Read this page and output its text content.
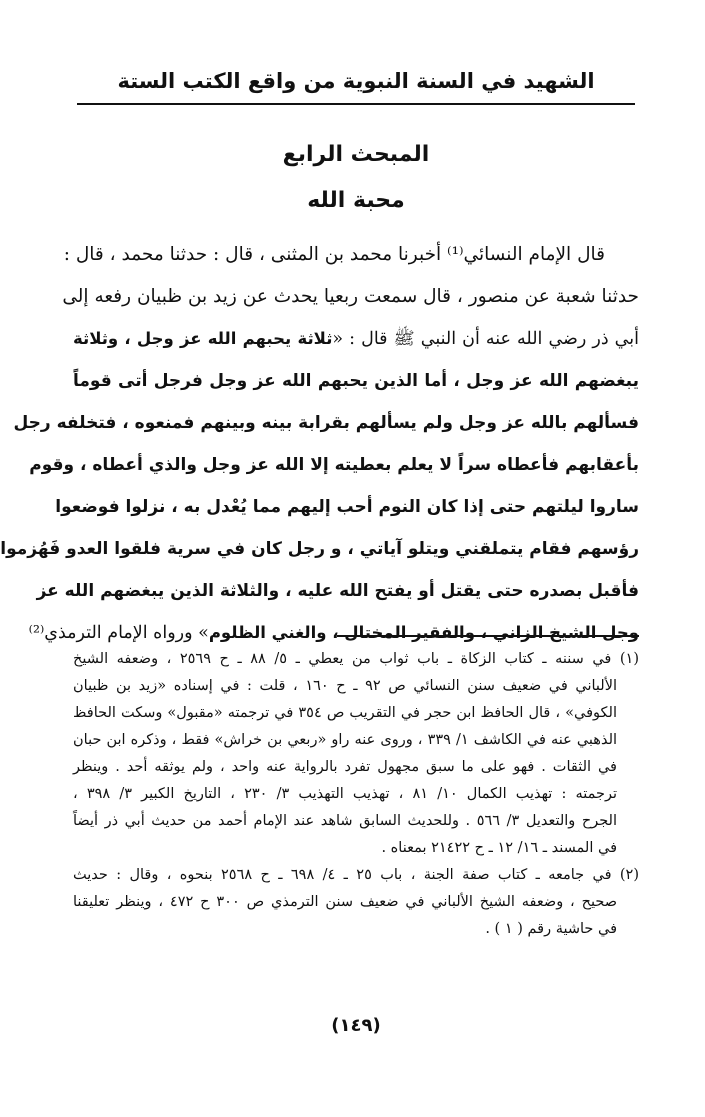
الشهيد في السنة النبوية من واقع الكتب الستة
المبحث الرابع
محبة الله
قال الإمام النسائي⁽¹⁾ أخبرنا محمد بن المثنى ، قال : حدثنا محمد ، قال :
حدثنا شعبة عن منصور ، قال سمعت ربعيا يحدث عن زيد بن ظبيان رفعه إلى
أبي ذر رضي الله عنه أن النبي ﷺ قال : «ثلاثة يحبهم الله عز وجل ، وثلاثة
يبغضهم الله عز وجل ، أما الذين يحبهم الله عز وجل فرجل أتى قوماً
فسألهم بالله عز وجل ولم يسألهم بقرابة بينه وبينهم فمنعوه ، فتخلفه رجل
بأعقابهم فأعطاه سراً لا يعلم بعطيته إلا الله عز وجل والذي أعطاه ، وقوم
ساروا ليلتهم حتى إذا كان النوم أحب إليهم مما يُعْدل به ، نزلوا فوضعوا
رؤسهم فقام يتملقني ويتلو آياتي ، و رجل كان في سرية فلقوا العدو فَهُزموا
فأقبل بصدره حتى يقتل أو يفتح الله عليه ، والثلاثة الذين يبغضهم الله عز
وجل الشيخ الزاني ، والفقير المختال ، والغني الظلوم» ورواه الإمام الترمذي⁽²⁾
(١) في سننه ـ كتاب الزكاة ـ باب ثواب من يعطي ـ ٥/ ٨٨ ـ ح ٢٥٦٩ ، وضعفه الشيخ
الألباني في ضعيف سنن النسائي ص ٩٢ ـ ح ١٦٠ ، قلت : في إسناده «زيد بن ظبيان
الكوفي» ، قال الحافظ ابن حجر في التقريب ص ٣٥٤ في ترجمته «مقبول» وسكت الحافظ
الذهبي عنه في الكاشف ١/ ٣٣٩ ، وروى عنه راو «ربعي بن خراش» فقط ، وذكره ابن حبان
في الثقات . فهو على ما سبق مجهول تفرد بالرواية عنه واحد ، ولم يوثقه أحد . وينظر
ترجمته : تهذيب الكمال ١٠/ ٨١ ، تهذيب التهذيب ٣/ ٢٣٠ ، التاريخ الكبير ٣/ ٣٩٨ ،
الجرح والتعديل ٣/ ٥٦٦ . وللحديث السابق شاهد عند الإمام أحمد من حديث أبي ذر أيضاً
في المسند ـ ١٦/ ١٢ ـ ح ٢١٤٢٢ بمعناه .
(٢) في جامعه ـ كتاب صفة الجنة ، باب ٢٥ ـ ٤/ ٦٩٨ ـ ح ٢٥٦٨ بنحوه ، وقال : حديث
صحيح ، وضعفه الشيخ الألباني في ضعيف سنن الترمذي ص ٣٠٠ ح ٤٧٢ ، وينظر تعليقنا
في حاشية رقم ( ١ ) .
(١٤٩)
